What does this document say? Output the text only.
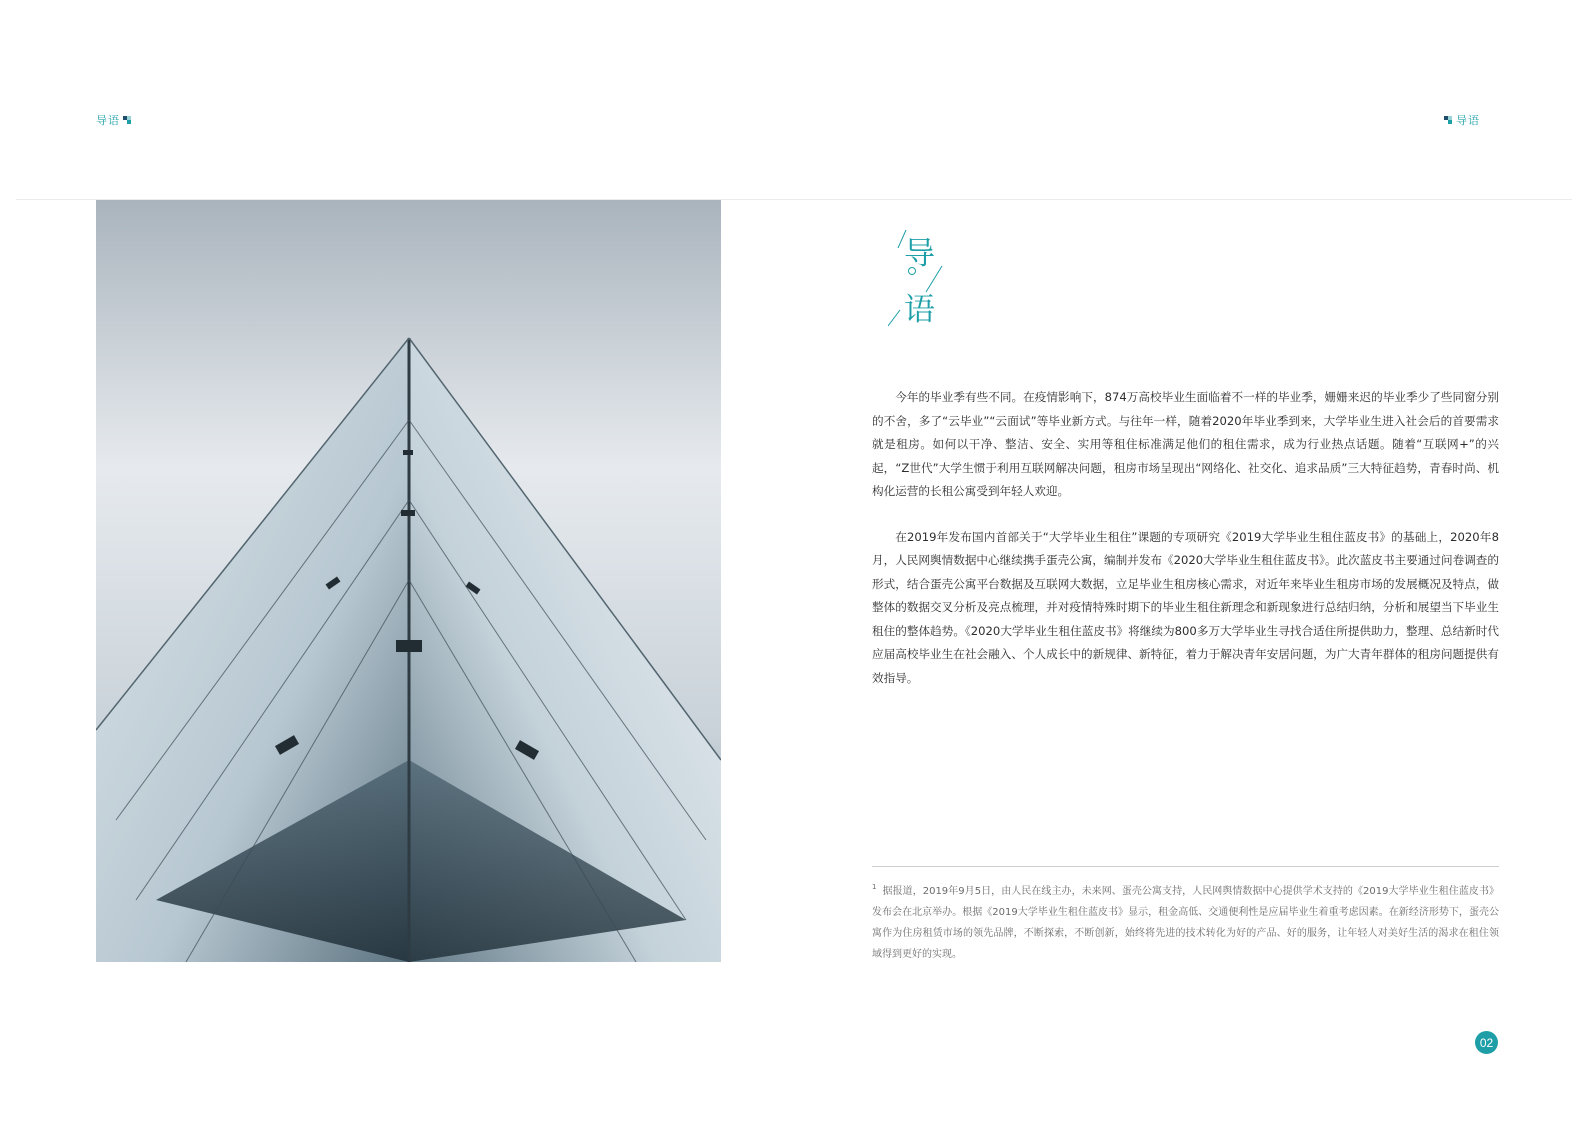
导语	导语
导
语

今年的毕业季有些不同。在疫情影响下，874万高校毕业生面临着不一样的毕业季，姗姗来迟的毕业季少了些同窗分别的不舍，多了“云毕业”“云面试”等毕业新方式。与往年一样，随着2020年毕业季到来，大学毕业生进入社会后的首要需求就是租房。如何以干净、整洁、安全、实用等租住标准满足他们的租住需求，成为行业热点话题。随着“互联网+”的兴起，“Z世代”大学生惯于利用互联网解决问题，租房市场呈现出“网络化、社交化、追求品质”三大特征趋势，青春时尚、机构化运营的长租公寓受到年轻人欢迎。

在2019年发布国内首部关于“大学毕业生租住”课题的专项研究《2019大学毕业生租住蓝皮书》的基础上，2020年8月，人民网舆情数据中心继续携手蛋壳公寓，编制并发布《2020大学毕业生租住蓝皮书》。此次蓝皮书主要通过问卷调查的形式，结合蛋壳公寓平台数据及互联网大数据，立足毕业生租房核心需求，对近年来毕业生租房市场的发展概况及特点，做整体的数据交叉分析及亮点梳理，并对疫情特殊时期下的毕业生租住新理念和新现象进行总结归纳，分析和展望当下毕业生租住的整体趋势。《2020大学毕业生租住蓝皮书》将继续为800多万大学毕业生寻找合适住所提供助力，整理、总结新时代应届高校毕业生在社会融入、个人成长中的新规律、新特征，着力于解决青年安居问题，为广大青年群体的租房问题提供有效指导。

$^1$ 据报道，2019年9月5日，由人民在线主办，未来网、蛋壳公寓支持，人民网舆情数据中心提供学术支持的《2019大学毕业生租住蓝皮书》发布会在北京举办。根据《2019大学毕业生租住蓝皮书》显示，租金高低、交通便利性是应届毕业生着重考虑因素。在新经济形势下，蛋壳公寓作为住房租赁市场的领先品牌，不断探索，不断创新，始终将先进的技术转化为好的产品、好的服务，让年轻人对美好生活的渴求在租住领域得到更好的实现。
02
